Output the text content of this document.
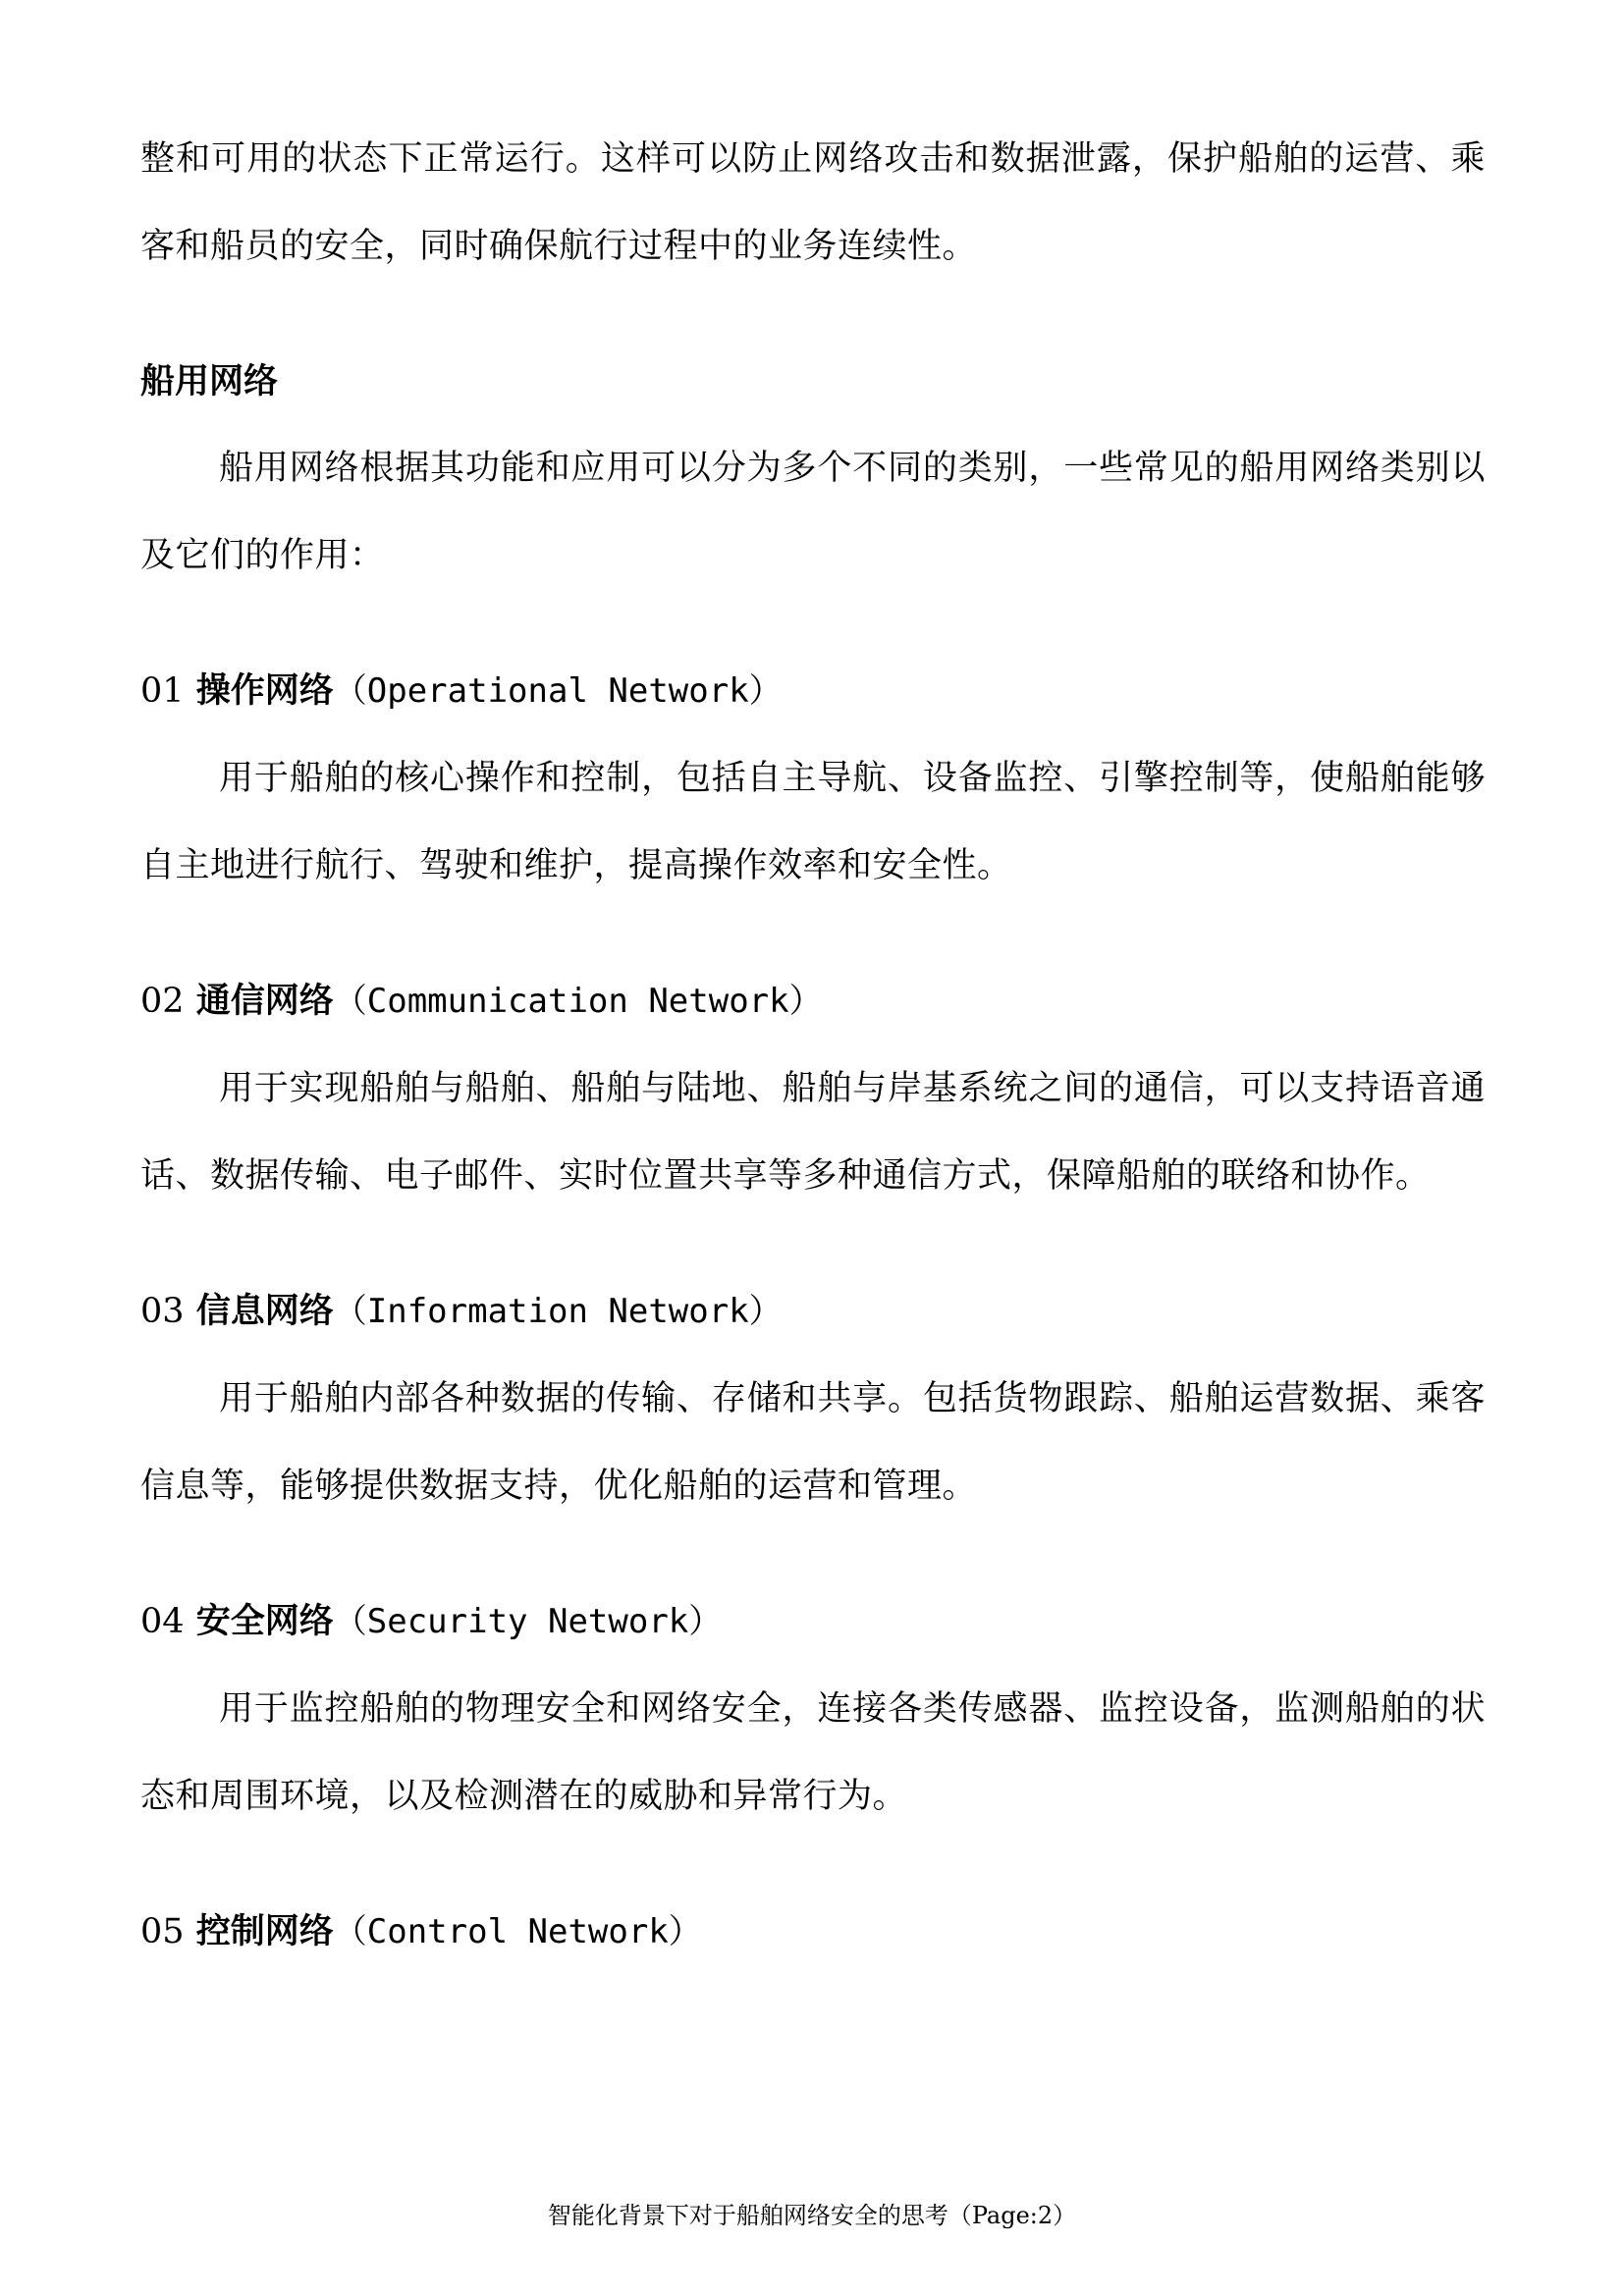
整和可用的状态下正常运行。这样可以防止网络攻击和数据泄露，保护船舶的运营、乘客和船员的安全，同时确保航行过程中的业务连续性。

船用网络

船用网络根据其功能和应用可以分为多个不同的类别，一些常见的船用网络类别以及它们的作用：

01 操作网络（Operational Network）

用于船舶的核心操作和控制，包括自主导航、设备监控、引擎控制等，使船舶能够自主地进行航行、驾驶和维护，提高操作效率和安全性。

02 通信网络（Communication Network）

用于实现船舶与船舶、船舶与陆地、船舶与岸基系统之间的通信，可以支持语音通话、数据传输、电子邮件、实时位置共享等多种通信方式，保障船舶的联络和协作。

03 信息网络（Information Network）

用于船舶内部各种数据的传输、存储和共享。包括货物跟踪、船舶运营数据、乘客信息等，能够提供数据支持，优化船舶的运营和管理。

04 安全网络（Security Network）

用于监控船舶的物理安全和网络安全，连接各类传感器、监控设备，监测船舶的状态和周围环境，以及检测潜在的威胁和异常行为。

05 控制网络（Control Network）

智能化背景下对于船舶网络安全的思考（Page:2）
